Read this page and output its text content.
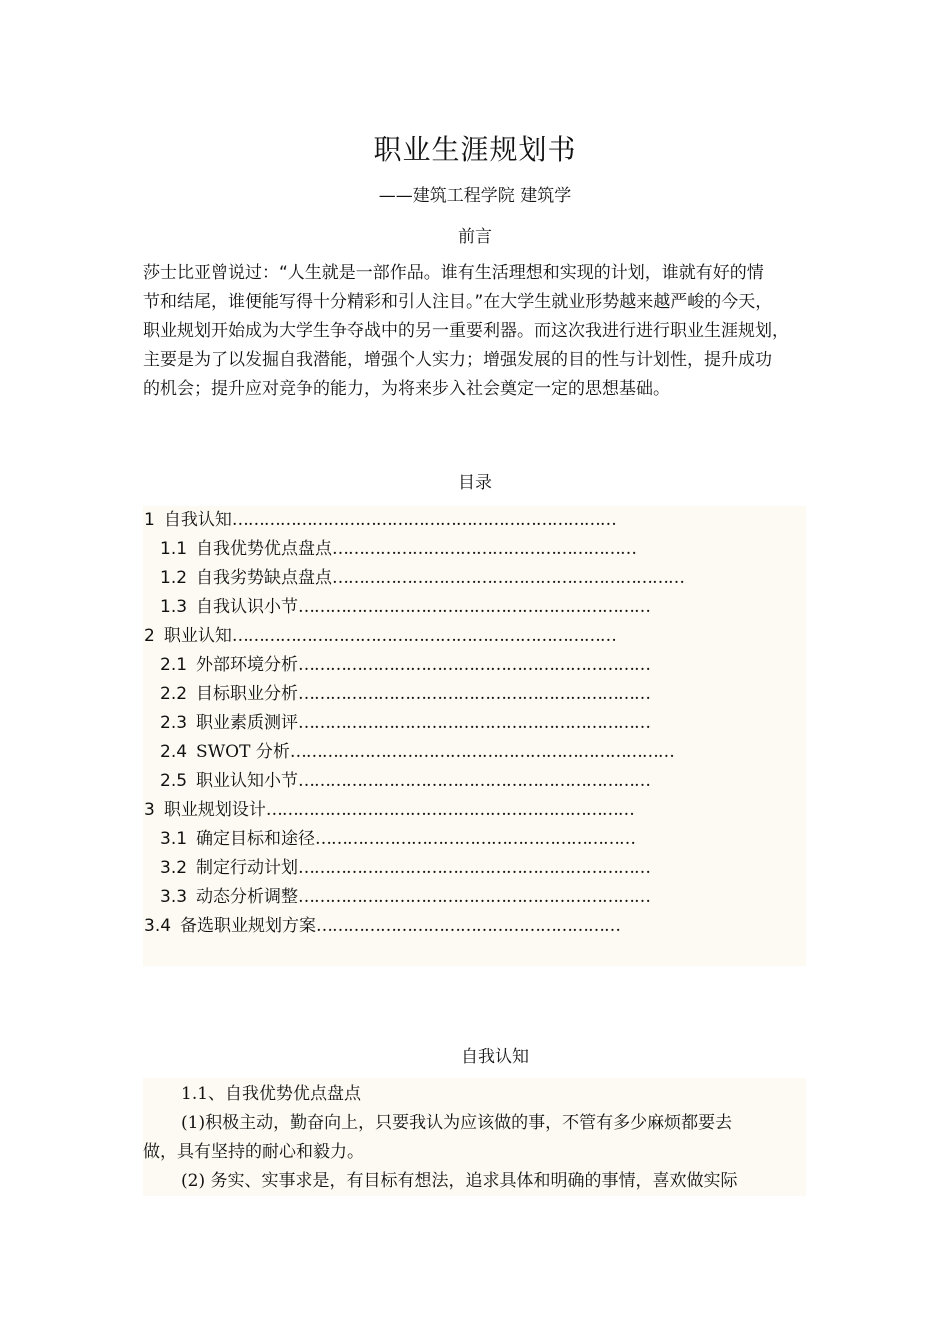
职业生涯规划书
——建筑工程学院 建筑学
前言
莎士比亚曾说过：“人生就是一部作品。谁有生活理想和实现的计划，谁就有好的情
节和结尾，谁便能写得十分精彩和引人注目。”在大学生就业形势越来越严峻的今天，
职业规划开始成为大学生争夺战中的另一重要利器。而这次我进行进行职业生涯规划，
主要是为了以发掘自我潜能，增强个人实力；增强发展的目的性与计划性，提升成功
的机会；提升应对竞争的能力，为将来步入社会奠定一定的思想基础。
目录
1 自我认知………………………………………………………………
1.1 自我优势优点盘点…………………………………………………
1.2 自我劣势缺点盘点…………………………………………………………
1.3 自我认识小节…………………………………………………………
2 职业认知………………………………………………………………
2.1 外部环境分析…………………………………………………………
2.2 目标职业分析…………………………………………………………
2.3 职业素质测评…………………………………………………………
2.4 SWOT 分析………………………………………………………………
2.5 职业认知小节…………………………………………………………
3 职业规划设计……………………………………………………………
3.1 确定目标和途径……………………………………………………
3.2 制定行动计划…………………………………………………………
3.3 动态分析调整…………………………………………………………
3.4 备选职业规划方案…………………………………………………
自我认知
1.1、自我优势优点盘点
(1)积极主动，勤奋向上，只要我认为应该做的事，不管有多少麻烦都要去
做，具有坚持的耐心和毅力。
(2) 务实、实事求是，有目标有想法，追求具体和明确的事情，喜欢做实际
